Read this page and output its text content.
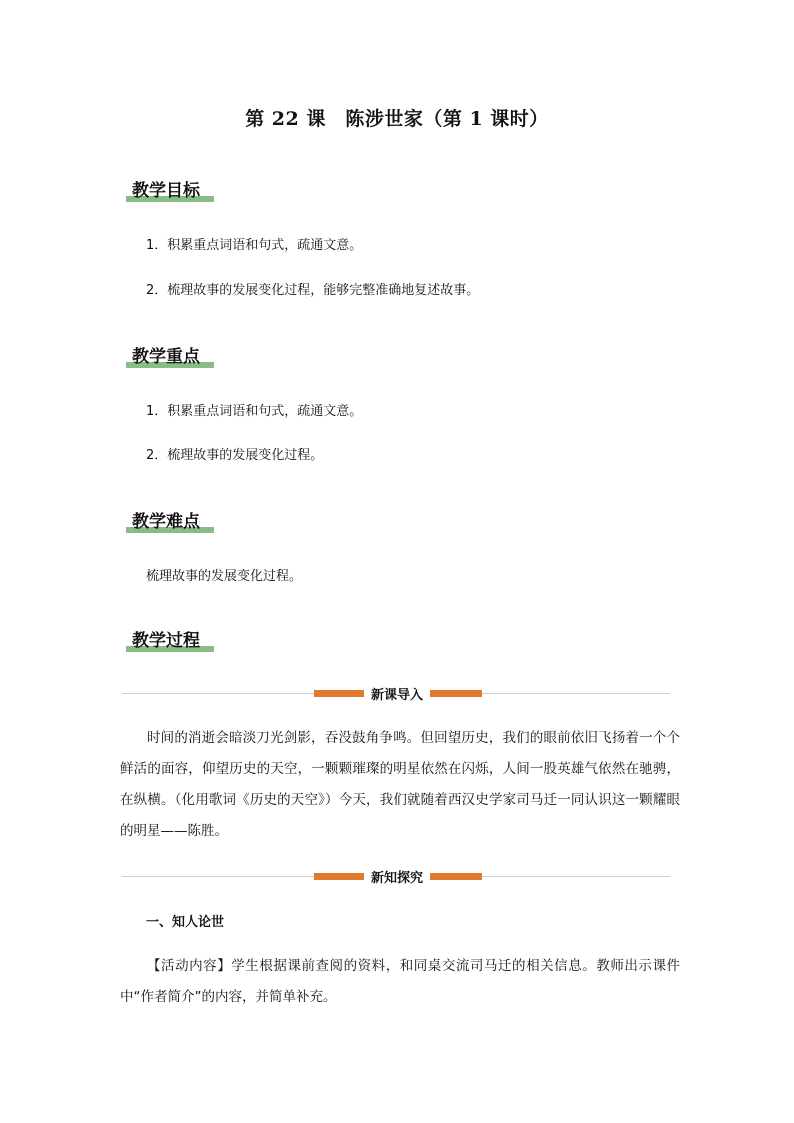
第 22 课　陈涉世家（第 1 课时）
教学目标
1．积累重点词语和句式，疏通文意。
2．梳理故事的发展变化过程，能够完整准确地复述故事。
教学重点
1．积累重点词语和句式，疏通文意。
2．梳理故事的发展变化过程。
教学难点
梳理故事的发展变化过程。
教学过程
新课导入
时间的消逝会暗淡刀光剑影，吞没鼓角争鸣。但回望历史，我们的眼前依旧飞扬着一个个鲜活的面容，仰望历史的天空，一颗颗璀璨的明星依然在闪烁，人间一股英雄气依然在驰骋，在纵横。（化用歌词《历史的天空》）今天，我们就随着西汉史学家司马迁一同认识这一颗耀眼的明星——陈胜。
新知探究
一、知人论世
【活动内容】学生根据课前查阅的资料，和同桌交流司马迁的相关信息。教师出示课件中“作者简介”的内容，并简单补充。
